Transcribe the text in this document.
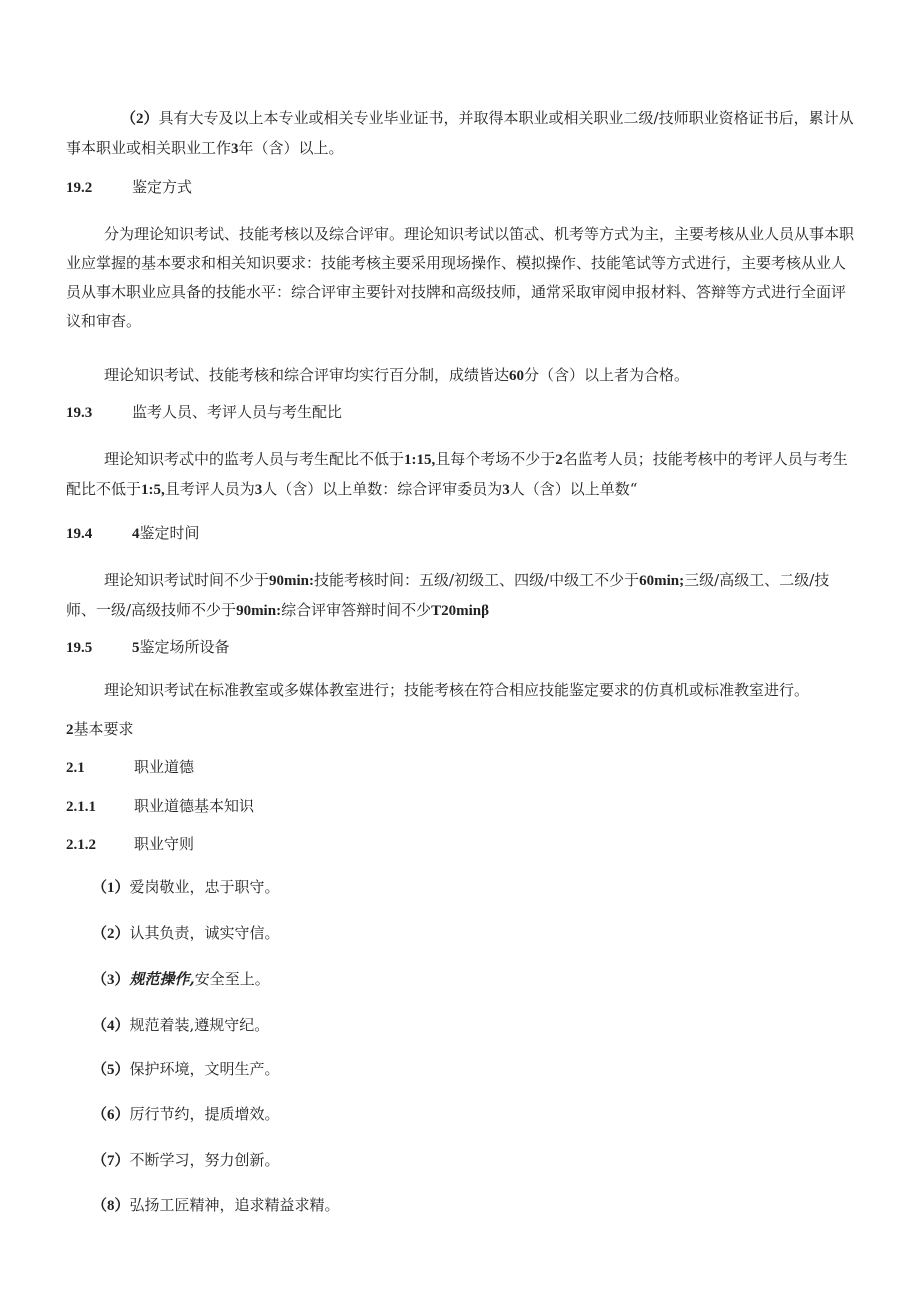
（2）具有大专及以上本专业或相关专业毕业证书，并取得本职业或相关职业二级/技师职业资格证书后，累计从事本职业或相关职业工作3年（含）以上。
19.2	鉴定方式
分为理论知识考试、技能考核以及综合评审。理论知识考试以笛忒、机考等方式为主，主要考核从业人员从事本职业应掌握的基本要求和相关知识要求：技能考核主要采用现场操作、模拟操作、技能笔试等方式进行，主要考核从业人员从事木职业应具备的技能水平：综合评审主要针对技牌和高级技师，通常采取审阅申报材料、答辩等方式进行全面评议和审杳。
理论知识考试、技能考核和综合评审均实行百分制，成绩皆达60分（含）以上者为合格。
19.3	监考人员、考评人员与考生配比
理论知识考忒中的监考人员与考生配比不低于1:15,且每个考场不少于2名监考人员；技能考核中的考评人员与考生配比不低于1:5,且考评人员为3人（含）以上单数：综合评审委员为3人（含）以上单数“
19.4	4鉴定时间
理论知识考试时间不少于90min:技能考核时间：五级/初级工、四级/中级工不少于60min;三级/高级工、二级/技师、一级/高级技师不少于90min:综合评审答辩时间不少T20minβ
19.5	5鉴定场所设备
理论知识考试在标准教室或多媒体教室进行；技能考核在符合相应技能鉴定要求的仿真机或标准教室进行。
2基本要求
2.1	职业道德
2.1.1	职业道德基本知识
2.1.2	职业守则
（1）爱岗敬业，忠于职守。
（2）认其负责，诚实守信。
（3）规范操作,安全至上。
（4）规范着装,遵规守纪。
（5）保护环境，文明生产。
（6）厉行节约，提质增效。
（7）不断学习，努力创新。
（8）弘扬工匠精神，追求精益求精。
